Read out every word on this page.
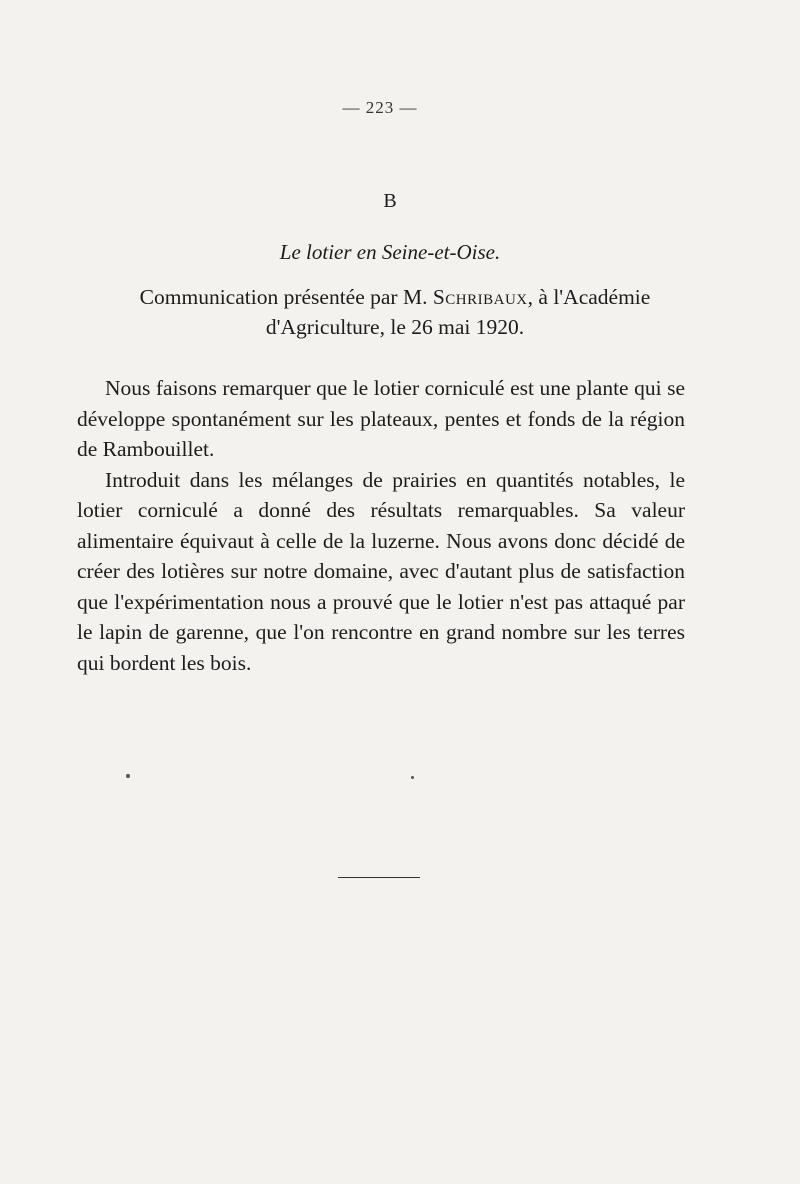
— 223 —
B
Le lotier en Seine-et-Oise.
Communication présentée par M. Schribaux, à l'Académie
d'Agriculture, le 26 mai 1920.

Nous faisons remarquer que le lotier corniculé est une plante qui se développe spontanément sur les plateaux, pentes et fonds de la région de Rambouillet.

Introduit dans les mélanges de prairies en quantités notables, le lotier corniculé a donné des résultats remarquables. Sa valeur alimentaire équivaut à celle de la luzerne. Nous avons donc décidé de créer des lotières sur notre domaine, avec d'autant plus de satisfaction que l'expérimentation nous a prouvé que le lotier n'est pas attaqué par le lapin de garenne, que l'on rencontre en grand nombre sur les terres qui bordent les bois.
